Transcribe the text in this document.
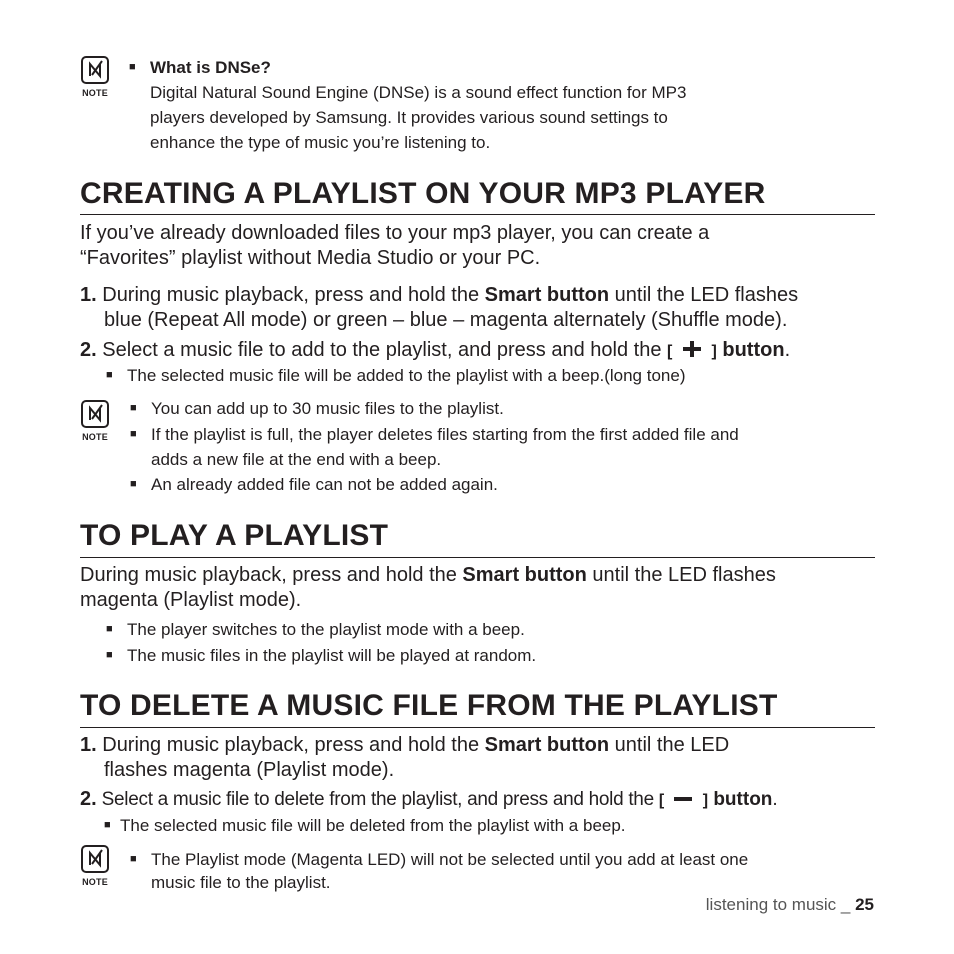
NOTE
■ What is DNSe?
Digital Natural Sound Engine (DNSe) is a sound effect function for MP3
players developed by Samsung. It provides various sound settings to
enhance the type of music you’re listening to.
CREATING A PLAYLIST ON YOUR MP3 PLAYER
If you’ve already downloaded files to your mp3 player, you can create a
“Favorites” playlist without Media Studio or your PC.
1. During music playback, press and hold the Smart button until the LED flashes
blue (Repeat All mode) or green – blue – magenta alternately (Shuffle mode).
2. Select a music file to add to the playlist, and press and hold the [ ] button.
■ The selected music file will be added to the playlist with a beep.(long tone)
NOTE
■ You can add up to 30 music files to the playlist.
■ If the playlist is full, the player deletes files starting from the first added file and
adds a new file at the end with a beep.
■ An already added file can not be added again.
TO PLAY A PLAYLIST
During music playback, press and hold the Smart button until the LED flashes
magenta (Playlist mode).
■ The player switches to the playlist mode with a beep.
■ The music files in the playlist will be played at random.
TO DELETE A MUSIC FILE FROM THE PLAYLIST
1. During music playback, press and hold the Smart button until the LED
flashes magenta (Playlist mode).
2. Select a music file to delete from the playlist, and press and hold the [ ] button.
■ The selected music file will be deleted from the playlist with a beep.
NOTE
■ The Playlist mode (Magenta LED) will not be selected until you add at least one
music file to the playlist.
listening to music _ 25
